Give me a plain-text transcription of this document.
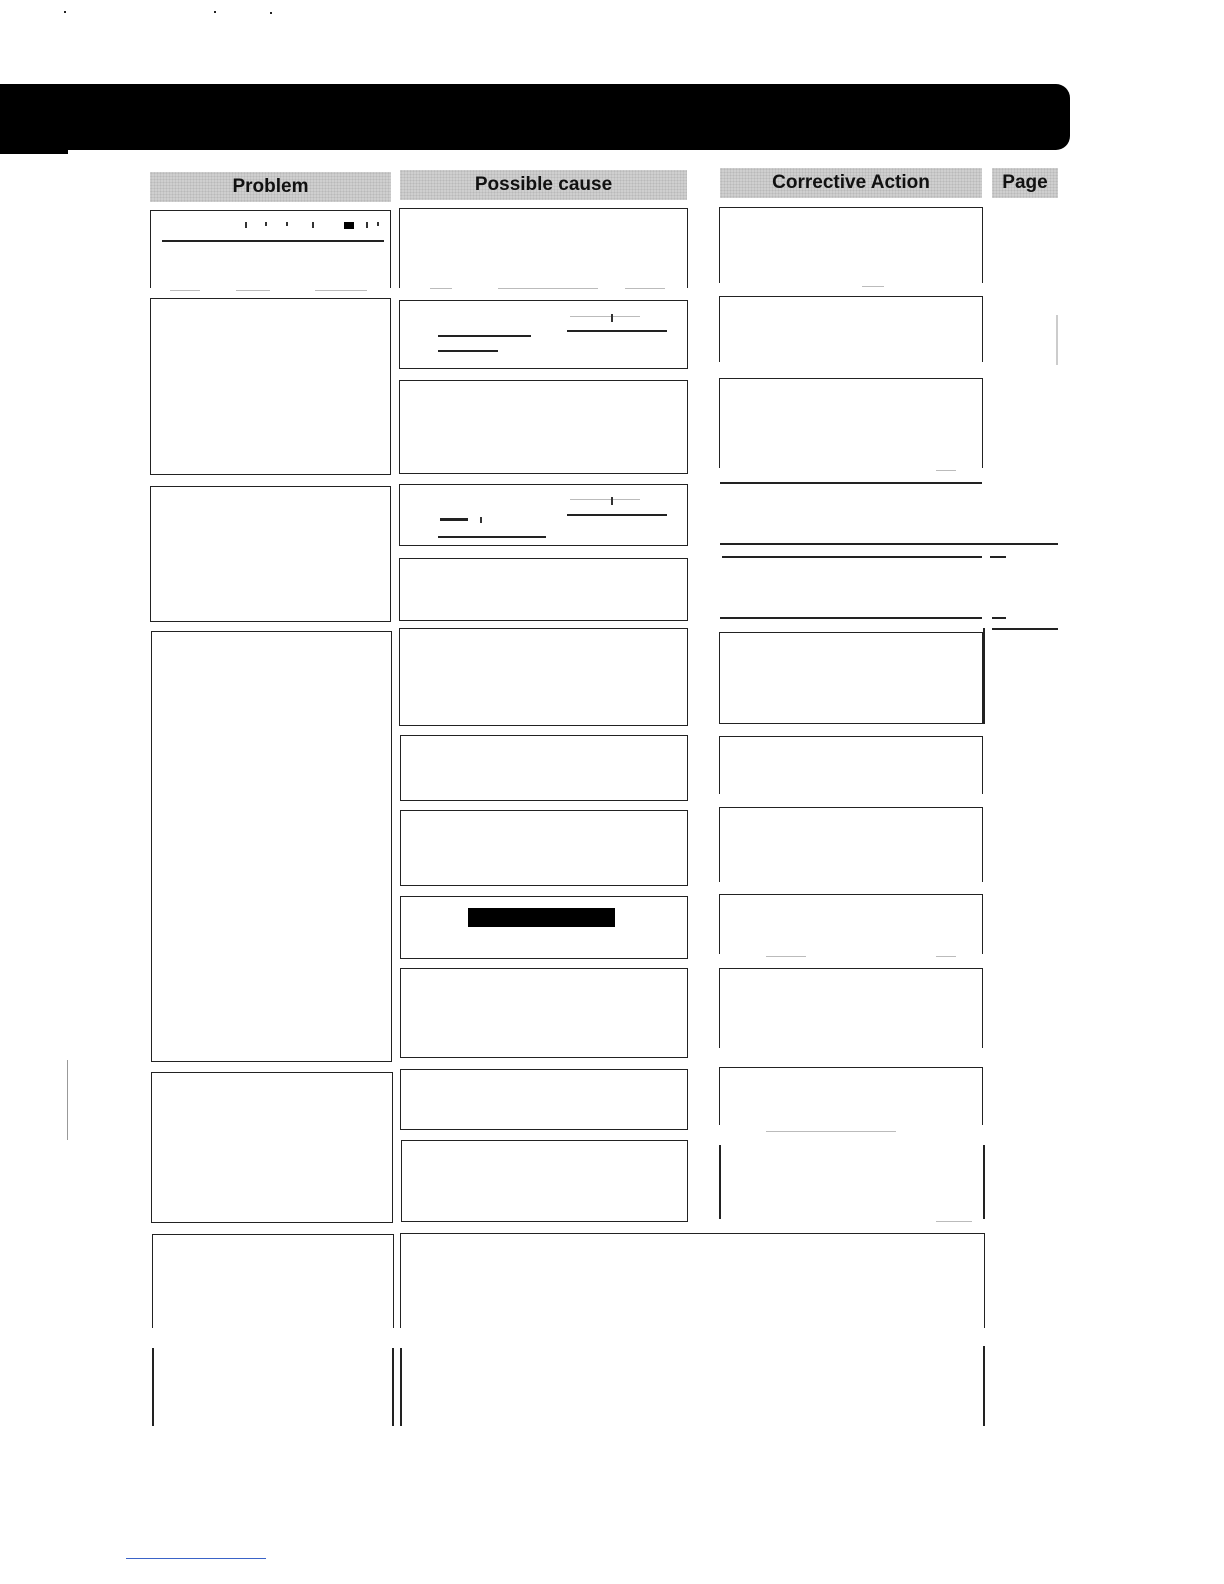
Problem	Possible cause	Corrective Action	Page
